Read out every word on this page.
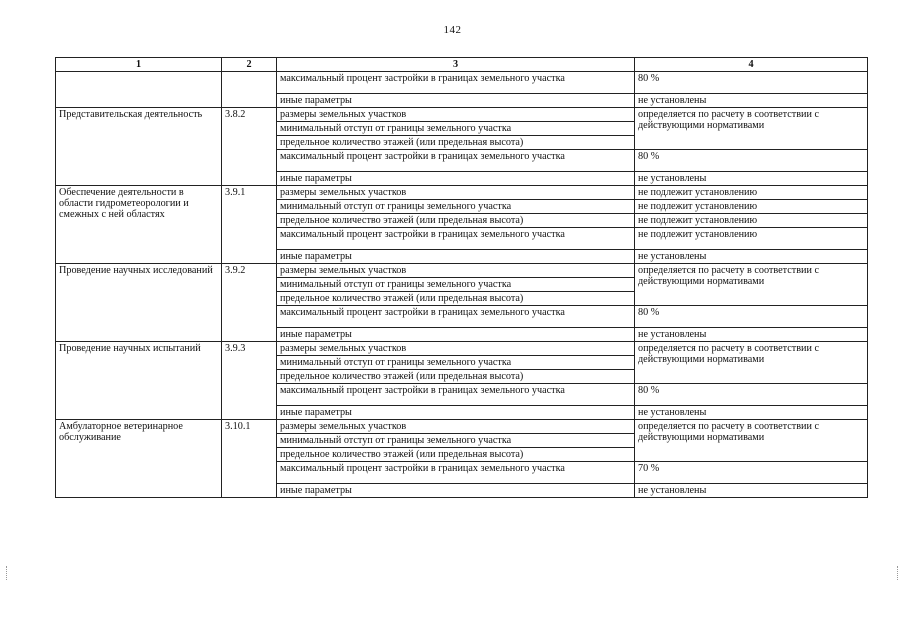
142
1	2	3	4
		максимальный процент застройки в границах земельного участка	80 %
		иные параметры	не установлены
Представительская деятельность	3.8.2	размеры земельных участков	определяется по расчету в соответствии с действующими нормативами
		минимальный отступ от границы земельного участка	
		предельное количество этажей (или предельная высота)	
		максимальный процент застройки в границах земельного участка	80 %
		иные параметры	не установлены
Обеспечение деятельности в области гидрометеорологии и смежных с ней областях	3.9.1	размеры земельных участков	не подлежит установлению
		минимальный отступ от границы земельного участка	не подлежит установлению
		предельное количество этажей (или предельная высота)	не подлежит установлению
		максимальный процент застройки в границах земельного участка	не подлежит установлению
		иные параметры	не установлены
Проведение научных исследований	3.9.2	размеры земельных участков	определяется по расчету в соответствии с действующими нормативами
		минимальный отступ от границы земельного участка	
		предельное количество этажей (или предельная высота)	
		максимальный процент застройки в границах земельного участка	80 %
		иные параметры	не установлены
Проведение научных испытаний	3.9.3	размеры земельных участков	определяется по расчету в соответствии с действующими нормативами
		минимальный отступ от границы земельного участка	
		предельное количество этажей (или предельная высота)	
		максимальный процент застройки в границах земельного участка	80 %
		иные параметры	не установлены
Амбулаторное ветеринарное обслуживание	3.10.1	размеры земельных участков	определяется по расчету в соответствии с действующими нормативами
		минимальный отступ от границы земельного участка	
		предельное количество этажей (или предельная высота)	
		максимальный процент застройки в границах земельного участка	70 %
		иные параметры	не установлены
